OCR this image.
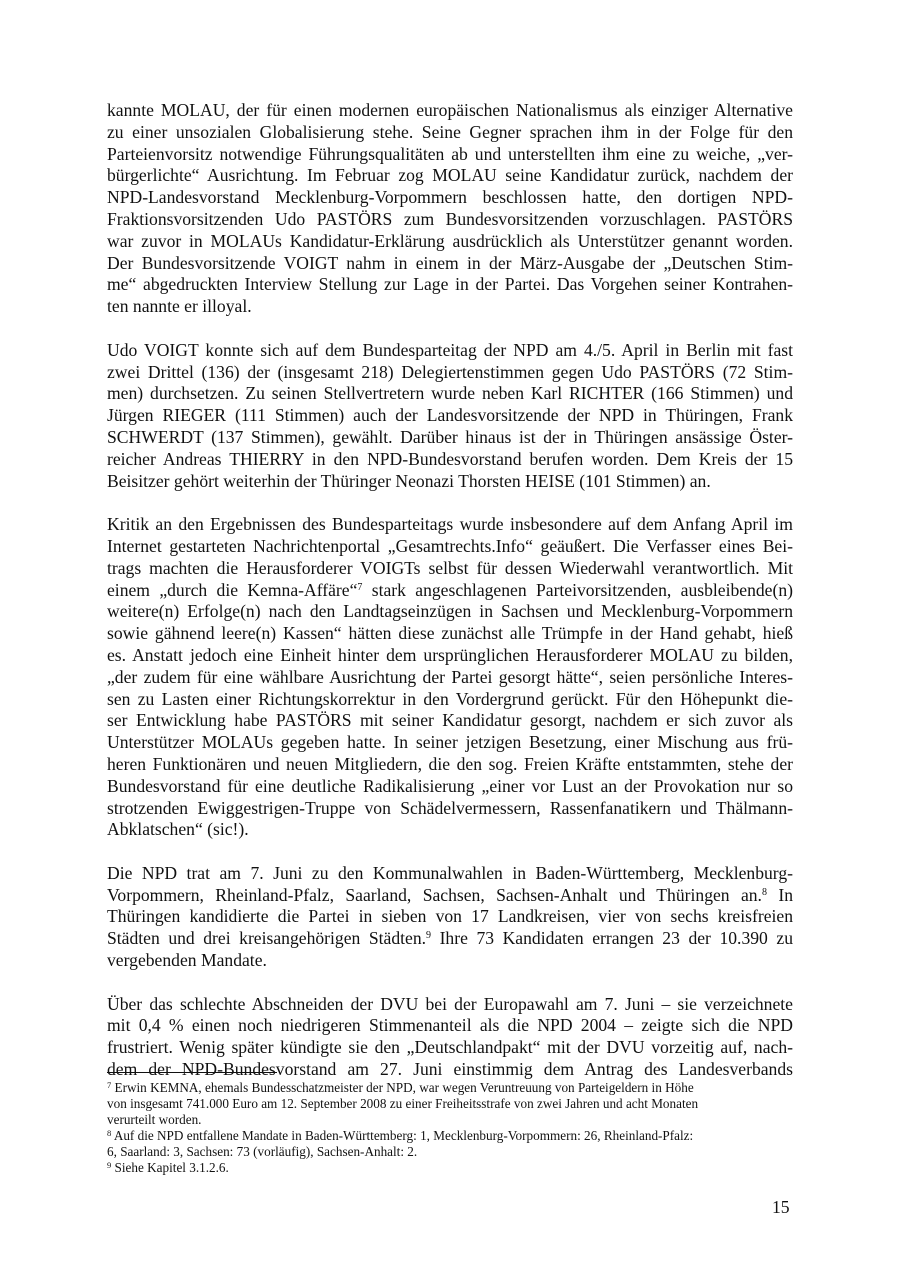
kannte MOLAU, der für einen modernen europäischen Nationalismus als einziger Alternative
zu einer unsozialen Globalisierung stehe. Seine Gegner sprachen ihm in der Folge für den
Parteienvorsitz notwendige Führungsqualitäten ab und unterstellten ihm eine zu weiche, „ver-
bürgerlichte“ Ausrichtung. Im Februar zog MOLAU seine Kandidatur zurück, nachdem der
NPD-Landesvorstand Mecklenburg-Vorpommern beschlossen hatte, den dortigen NPD-
Fraktionsvorsitzenden Udo PASTÖRS zum Bundesvorsitzenden vorzuschlagen. PASTÖRS
war zuvor in MOLAUs Kandidatur-Erklärung ausdrücklich als Unterstützer genannt worden.
Der Bundesvorsitzende VOIGT nahm in einem in der März-Ausgabe der „Deutschen Stim-
me“ abgedruckten Interview Stellung zur Lage in der Partei. Das Vorgehen seiner Kontrahen-
ten nannte er illoyal.

Udo VOIGT konnte sich auf dem Bundesparteitag der NPD am 4./5. April in Berlin mit fast
zwei Drittel (136) der (insgesamt 218) Delegiertenstimmen gegen Udo PASTÖRS (72 Stim-
men) durchsetzen. Zu seinen Stellvertretern wurde neben Karl RICHTER (166 Stimmen) und
Jürgen RIEGER (111 Stimmen) auch der Landesvorsitzende der NPD in Thüringen, Frank
SCHWERDT (137 Stimmen), gewählt. Darüber hinaus ist der in Thüringen ansässige Öster-
reicher Andreas THIERRY in den NPD-Bundesvorstand berufen worden. Dem Kreis der 15
Beisitzer gehört weiterhin der Thüringer Neonazi Thorsten HEISE (101 Stimmen) an.

Kritik an den Ergebnissen des Bundesparteitags wurde insbesondere auf dem Anfang April im
Internet gestarteten Nachrichtenportal „Gesamtrechts.Info“ geäußert. Die Verfasser eines Bei-
trags machten die Herausforderer VOIGTs selbst für dessen Wiederwahl verantwortlich. Mit
einem „durch die Kemna-Affäre“$^7$ stark angeschlagenen Parteivorsitzenden, ausbleibende(n)
weitere(n) Erfolge(n) nach den Landtagseinzügen in Sachsen und Mecklenburg-Vorpommern
sowie gähnend leere(n) Kassen“ hätten diese zunächst alle Trümpfe in der Hand gehabt, hieß
es. Anstatt jedoch eine Einheit hinter dem ursprünglichen Herausforderer MOLAU zu bilden,
„der zudem für eine wählbare Ausrichtung der Partei gesorgt hätte“, seien persönliche Interes-
sen zu Lasten einer Richtungskorrektur in den Vordergrund gerückt. Für den Höhepunkt die-
ser Entwicklung habe PASTÖRS mit seiner Kandidatur gesorgt, nachdem er sich zuvor als
Unterstützer MOLAUs gegeben hatte. In seiner jetzigen Besetzung, einer Mischung aus frü-
heren Funktionären und neuen Mitgliedern, die den sog. Freien Kräfte entstammten, stehe der
Bundesvorstand für eine deutliche Radikalisierung „einer vor Lust an der Provokation nur so
strotzenden Ewiggestrigen-Truppe von Schädelvermessern, Rassenfanatikern und Thälmann-
Abklatschen“ (sic!).

Die NPD trat am 7. Juni zu den Kommunalwahlen in Baden-Württemberg, Mecklenburg-
Vorpommern, Rheinland-Pfalz, Saarland, Sachsen, Sachsen-Anhalt und Thüringen an.$^8$ In
Thüringen kandidierte die Partei in sieben von 17 Landkreisen, vier von sechs kreisfreien
Städten und drei kreisangehörigen Städten.$^9$ Ihre 73 Kandidaten errangen 23 der 10.390 zu
vergebenden Mandate.

Über das schlechte Abschneiden der DVU bei der Europawahl am 7. Juni – sie verzeichnete
mit 0,4 % einen noch niedrigeren Stimmenanteil als die NPD 2004 – zeigte sich die NPD
frustriert. Wenig später kündigte sie den „Deutschlandpakt“ mit der DVU vorzeitig auf, nach-
dem der NPD-Bundesvorstand am 27. Juni einstimmig dem Antrag des Landesverbands

$^7$ Erwin KEMNA, ehemals Bundesschatzmeister der NPD, war wegen Veruntreuung von Parteigeldern in Höhe
von insgesamt 741.000 Euro am 12. September 2008 zu einer Freiheitsstrafe von zwei Jahren und acht Monaten
verurteilt worden.
$^8$ Auf die NPD entfallene Mandate in Baden-Württemberg: 1, Mecklenburg-Vorpommern: 26, Rheinland-Pfalz:
6, Saarland: 3, Sachsen: 73 (vorläufig), Sachsen-Anhalt: 2.
$^9$ Siehe Kapitel 3.1.2.6.
15
